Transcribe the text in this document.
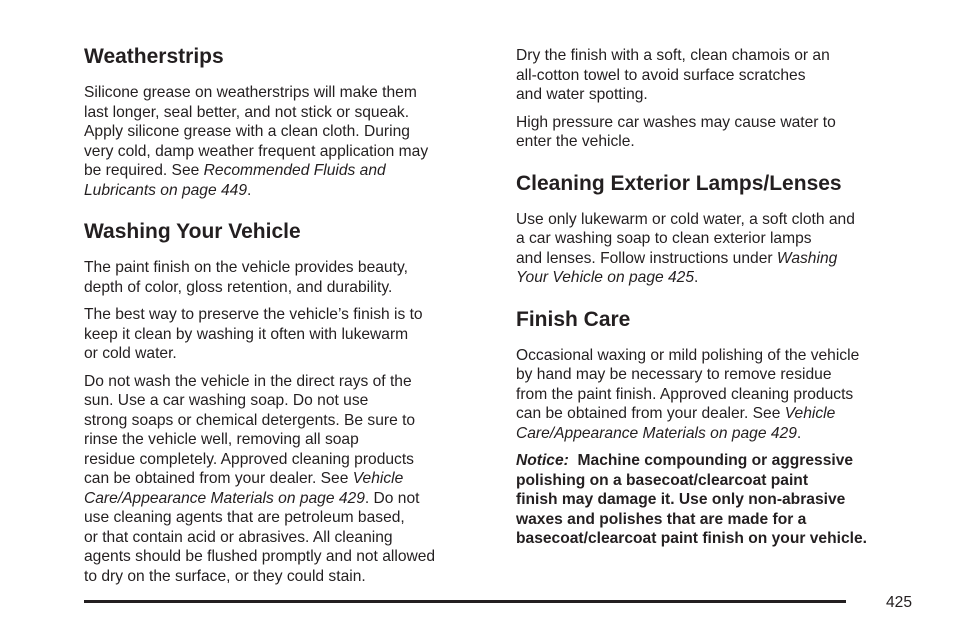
Weatherstrips

Silicone grease on weatherstrips will make them
last longer, seal better, and not stick or squeak.
Apply silicone grease with a clean cloth. During
very cold, damp weather frequent application may
be required. See Recommended Fluids and
Lubricants on page 449.

Washing Your Vehicle

The paint finish on the vehicle provides beauty,
depth of color, gloss retention, and durability.

The best way to preserve the vehicle’s finish is to
keep it clean by washing it often with lukewarm
or cold water.

Do not wash the vehicle in the direct rays of the
sun. Use a car washing soap. Do not use
strong soaps or chemical detergents. Be sure to
rinse the vehicle well, removing all soap
residue completely. Approved cleaning products
can be obtained from your dealer. See Vehicle
Care/Appearance Materials on page 429. Do not
use cleaning agents that are petroleum based,
or that contain acid or abrasives. All cleaning
agents should be flushed promptly and not allowed
to dry on the surface, or they could stain.

Dry the finish with a soft, clean chamois or an
all-cotton towel to avoid surface scratches
and water spotting.

High pressure car washes may cause water to
enter the vehicle.

Cleaning Exterior Lamps/Lenses

Use only lukewarm or cold water, a soft cloth and
a car washing soap to clean exterior lamps
and lenses. Follow instructions under Washing
Your Vehicle on page 425.

Finish Care

Occasional waxing or mild polishing of the vehicle
by hand may be necessary to remove residue
from the paint finish. Approved cleaning products
can be obtained from your dealer. See Vehicle
Care/Appearance Materials on page 429.

Notice: Machine compounding or aggressive
polishing on a basecoat/clearcoat paint
finish may damage it. Use only non-abrasive
waxes and polishes that are made for a
basecoat/clearcoat paint finish on your vehicle.

425
